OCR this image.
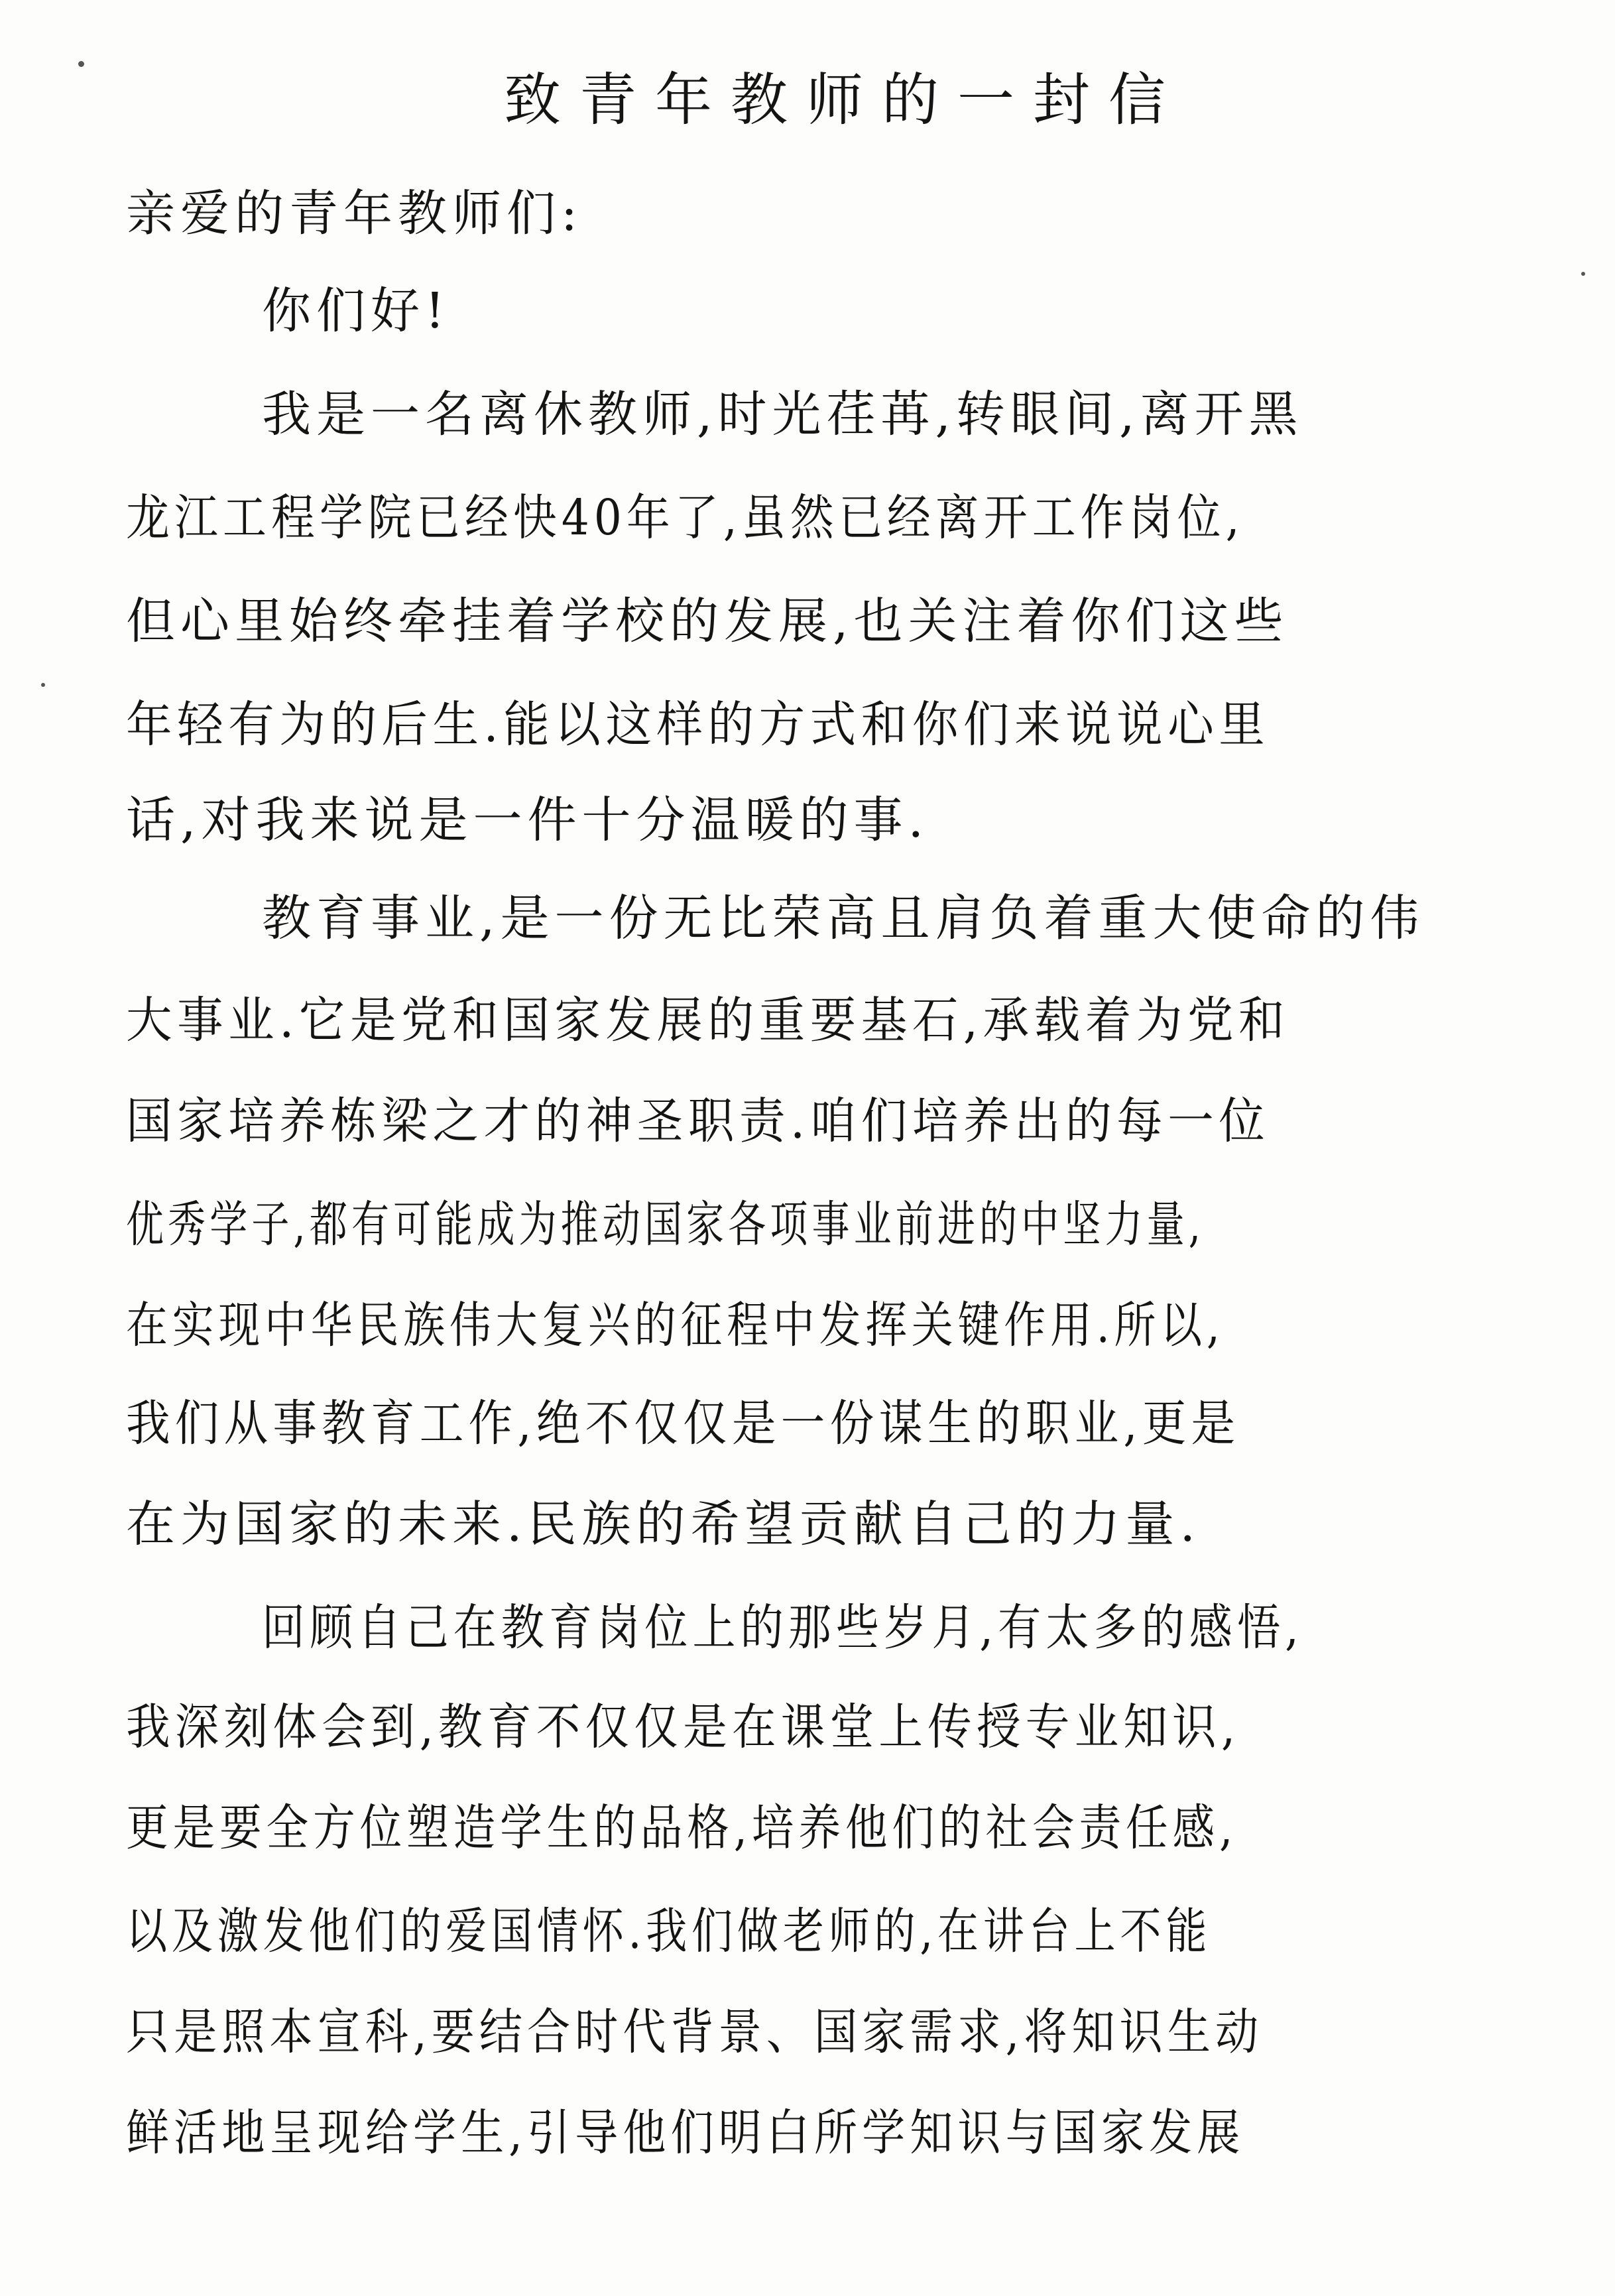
致青年教师的一封信
亲爱的青年教师们:
你们好!
我是一名离休教师,时光荏苒,转眼间,离开黑
龙江工程学院已经快40年了,虽然已经离开工作岗位,
但心里始终牵挂着学校的发展,也关注着你们这些
年轻有为的后生.能以这样的方式和你们来说说心里
话,对我来说是一件十分温暖的事.
教育事业,是一份无比荣高且肩负着重大使命的伟
大事业.它是党和国家发展的重要基石,承载着为党和
国家培养栋梁之才的神圣职责.咱们培养出的每一位
优秀学子,都有可能成为推动国家各项事业前进的中坚力量,
在实现中华民族伟大复兴的征程中发挥关键作用.所以,
我们从事教育工作,绝不仅仅是一份谋生的职业,更是
在为国家的未来.民族的希望贡献自己的力量.
回顾自己在教育岗位上的那些岁月,有太多的感悟,
我深刻体会到,教育不仅仅是在课堂上传授专业知识,
更是要全方位塑造学生的品格,培养他们的社会责任感,
以及激发他们的爱国情怀.我们做老师的,在讲台上不能
只是照本宣科,要结合时代背景、国家需求,将知识生动
鲜活地呈现给学生,引导他们明白所学知识与国家发展
